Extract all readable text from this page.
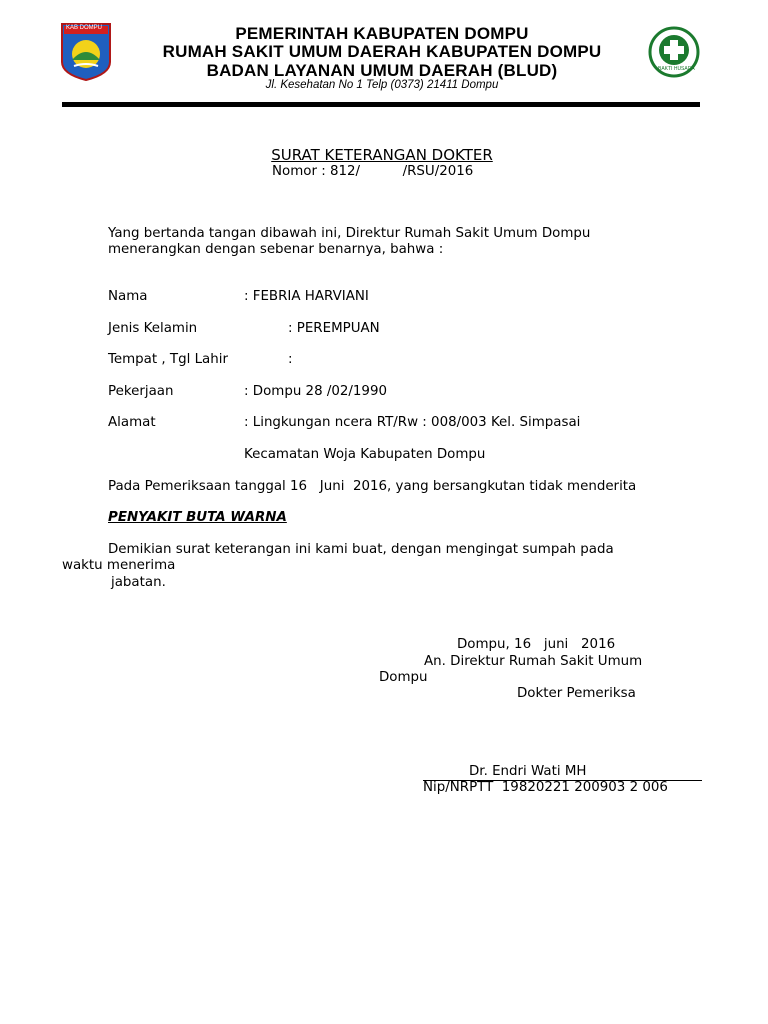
KAB DOMPU
BAKTI HUSADA
PEMERINTAH KABUPATEN DOMPU
RUMAH SAKIT UMUM DAERAH KABUPATEN DOMPU
BADAN LAYANAN UMUM DAERAH (BLUD)
Jl. Kesehatan No 1 Telp (0373) 21411 Dompu
SURAT KETERANGAN DOKTER
Nomor : 812/          /RSU/2016
Yang bertanda tangan dibawah ini, Direktur Rumah Sakit Umum Dompu
menerangkan dengan sebenar benarnya, bahwa :
Nama	: FEBRIA HARVIANI
Jenis Kelamin	: PEREMPUAN
Tempat , Tgl Lahir	:
Pekerjaan	: Dompu 28 /02/1990
Alamat	: Lingkungan ncera RT/Rw : 008/003 Kel. Simpasai
Kecamatan Woja Kabupaten Dompu
Pada Pemeriksaan tanggal 16   Juni  2016, yang bersangkutan tidak menderita
PENYAKIT BUTA WARNA
Demikian surat keterangan ini kami buat, dengan mengingat sumpah pada
waktu menerima
jabatan.
Dompu, 16   juni   2016
An. Direktur Rumah Sakit Umum
Dompu
Dokter Pemeriksa
Dr. Endri Wati MH
Nip/NRPTT  19820221 200903 2 006
